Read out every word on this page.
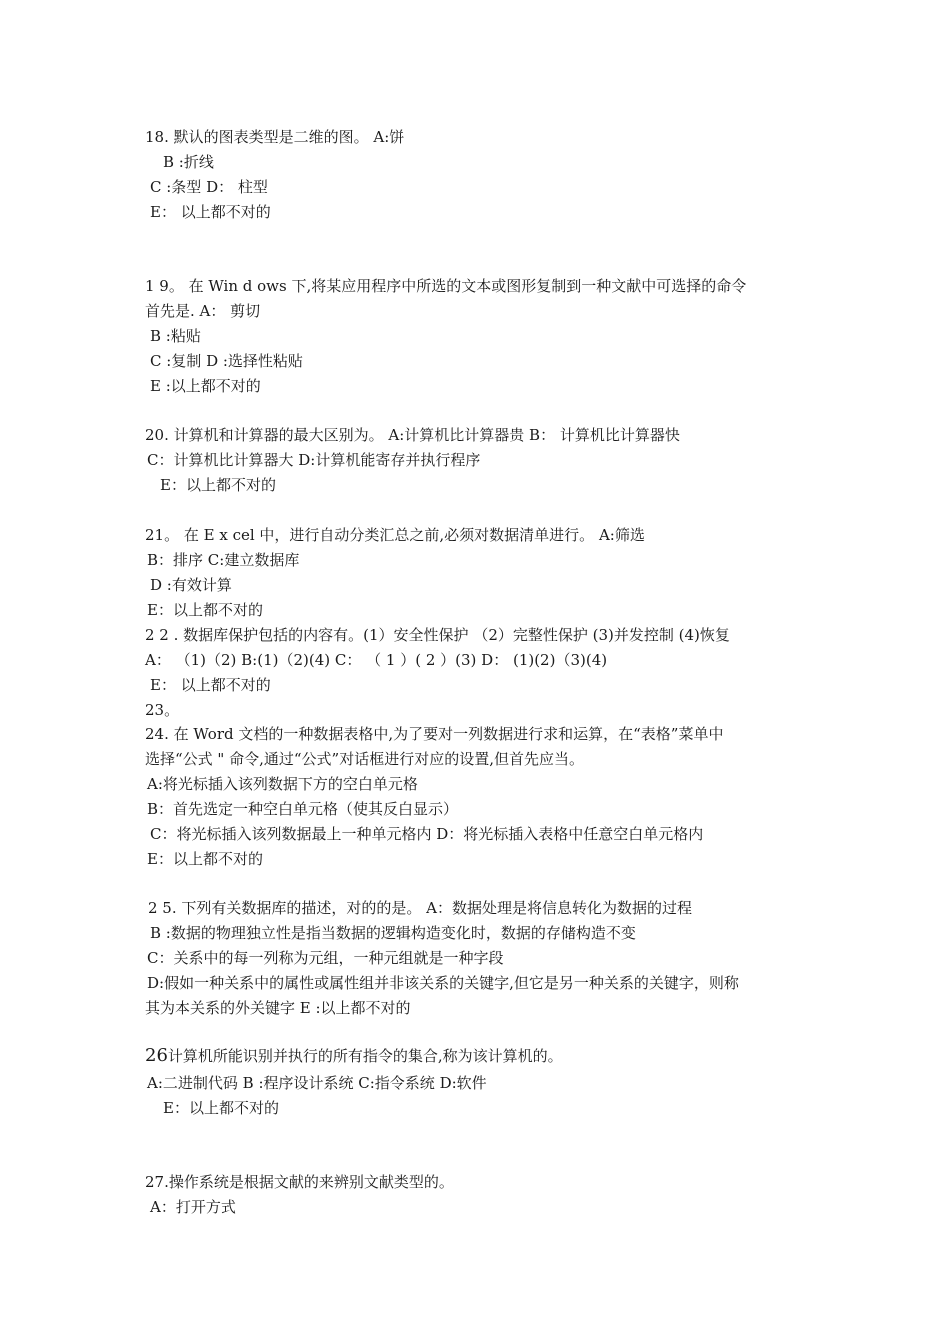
18. 默认的图表类型是二维的图。 A:饼
B :折线
C :条型 D： 柱型
E： 以上都不对的
1 9。 在 Win d ows 下,将某应用程序中所选的文本或图形复制到一种文献中可选择的命令
首先是. A： 剪切
B :粘贴
C :复制 D :选择性粘贴
E :以上都不对的
20. 计算机和计算器的最大区别为。 A:计算机比计算器贵 B： 计算机比计算器快
C：计算机比计算器大 D:计算机能寄存并执行程序
E：以上都不对的
21。 在 E x cel 中，进行自动分类汇总之前,必须对数据清单进行。 A:筛选
B：排序 C:建立数据库
D :有效计算
E：以上都不对的
2 2 . 数据库保护包括的内容有。(1）安全性保护 （2）完整性保护 (3)并发控制 (4)恢复
A： （1)（2) B:(1)（2)(4) C： （ 1 ）( 2 ）(3) D： (1)(2)（3)(4)
E： 以上都不对的
23。
24. 在 Word 文档的一种数据表格中,为了要对一列数据进行求和运算，在“表格”菜单中
选择“公式 " 命令,通过“公式”对话框进行对应的设置,但首先应当。
A:将光标插入该列数据下方的空白单元格
B：首先选定一种空白单元格（使其反白显示）
C：将光标插入该列数据最上一种单元格内 D：将光标插入表格中任意空白单元格内
E：以上都不对的
2 5. 下列有关数据库的描述，对的的是。 A：数据处理是将信息转化为数据的过程
B :数据的物理独立性是指当数据的逻辑构造变化时，数据的存储构造不变
C：关系中的每一列称为元组，一种元组就是一种字段
D:假如一种关系中的属性或属性组并非该关系的关键字,但它是另一种关系的关键字，则称
其为本关系的外关键字 E :以上都不对的
26计算机所能识别并执行的所有指令的集合,称为该计算机的。
A:二进制代码 B :程序设计系统 C:指令系统 D:软件
E：以上都不对的
27.操作系统是根据文献的来辨别文献类型的。
A：打开方式
